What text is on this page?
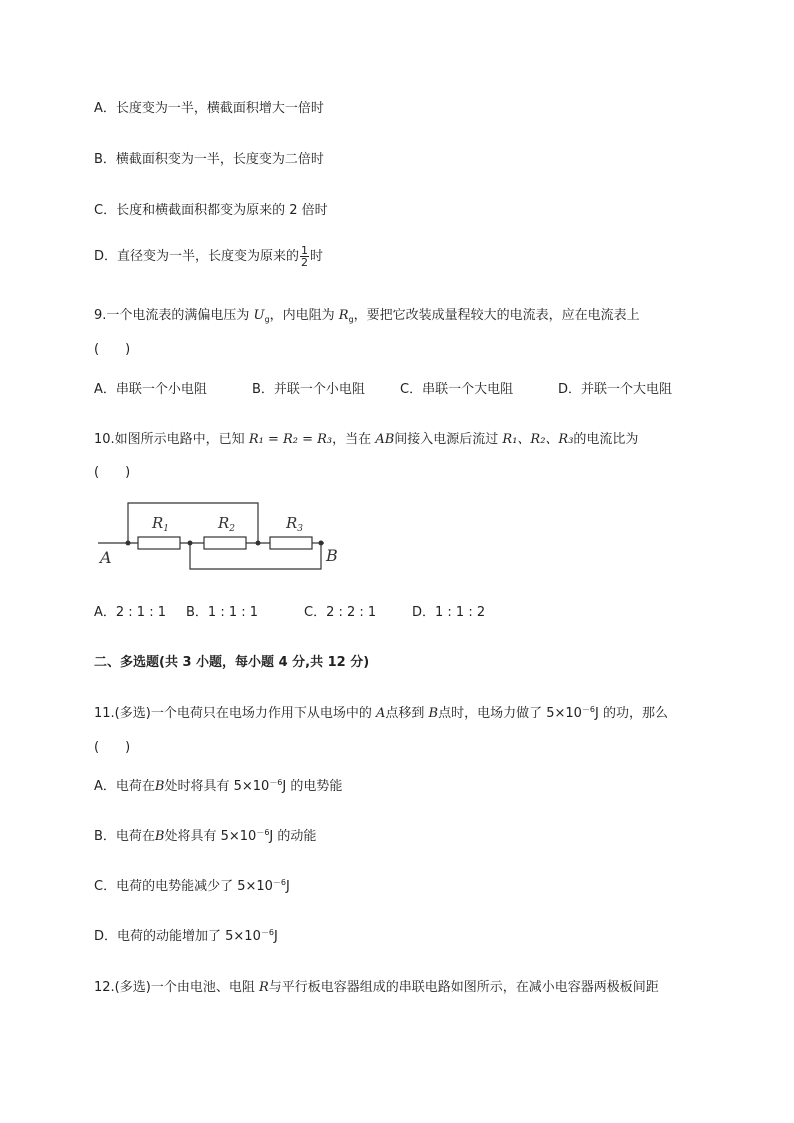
A．长度变为一半，横截面积增大一倍时
B．横截面积变为一半，长度变为二倍时
C．长度和横截面积都变为原来的 2 倍时
D．直径变为一半，长度变为原来的 $\frac{1}{2}$ 时
9.一个电流表的满偏电压为 $U_g$，内电阻为 $R_g$，要把它改装成量程较大的电流表，应在电流表上
(　　)
A．串联一个小电阻	B．并联一个小电阻	C．串联一个大电阻	D．并联一个大电阻
10.如图所示电路中，已知 R₁ = R₂ = R₃，当在 AB间接入电源后流过 R₁、R₂、R₃的电流比为
(　　)
$R_1$	$R_2$	$R_3$
A	B
A．2 : 1 : 1 B．1 : 1 : 1	C．2 : 2 : 1	D．1 : 1 : 2
二、多选题(共 3 小题，每小题 4 分,共 12 分)
11.(多选)一个电荷只在电场力作用下从电场中的 A点移到 B点时，电场力做了 $5\times 10^{-6}J$ 的功，那么
(　　)
A．电荷在B处时将具有 $5\times 10^{-6}J$ 的电势能
B．电荷在B处将具有 $5\times 10^{-6}J$ 的动能
C．电荷的电势能减少了 $5\times 10^{-6}J$
D．电荷的动能增加了 $5\times 10^{-6}J$
12.(多选)一个由电池、电阻 R与平行板电容器组成的串联电路如图所示，在减小电容器两极板间距
